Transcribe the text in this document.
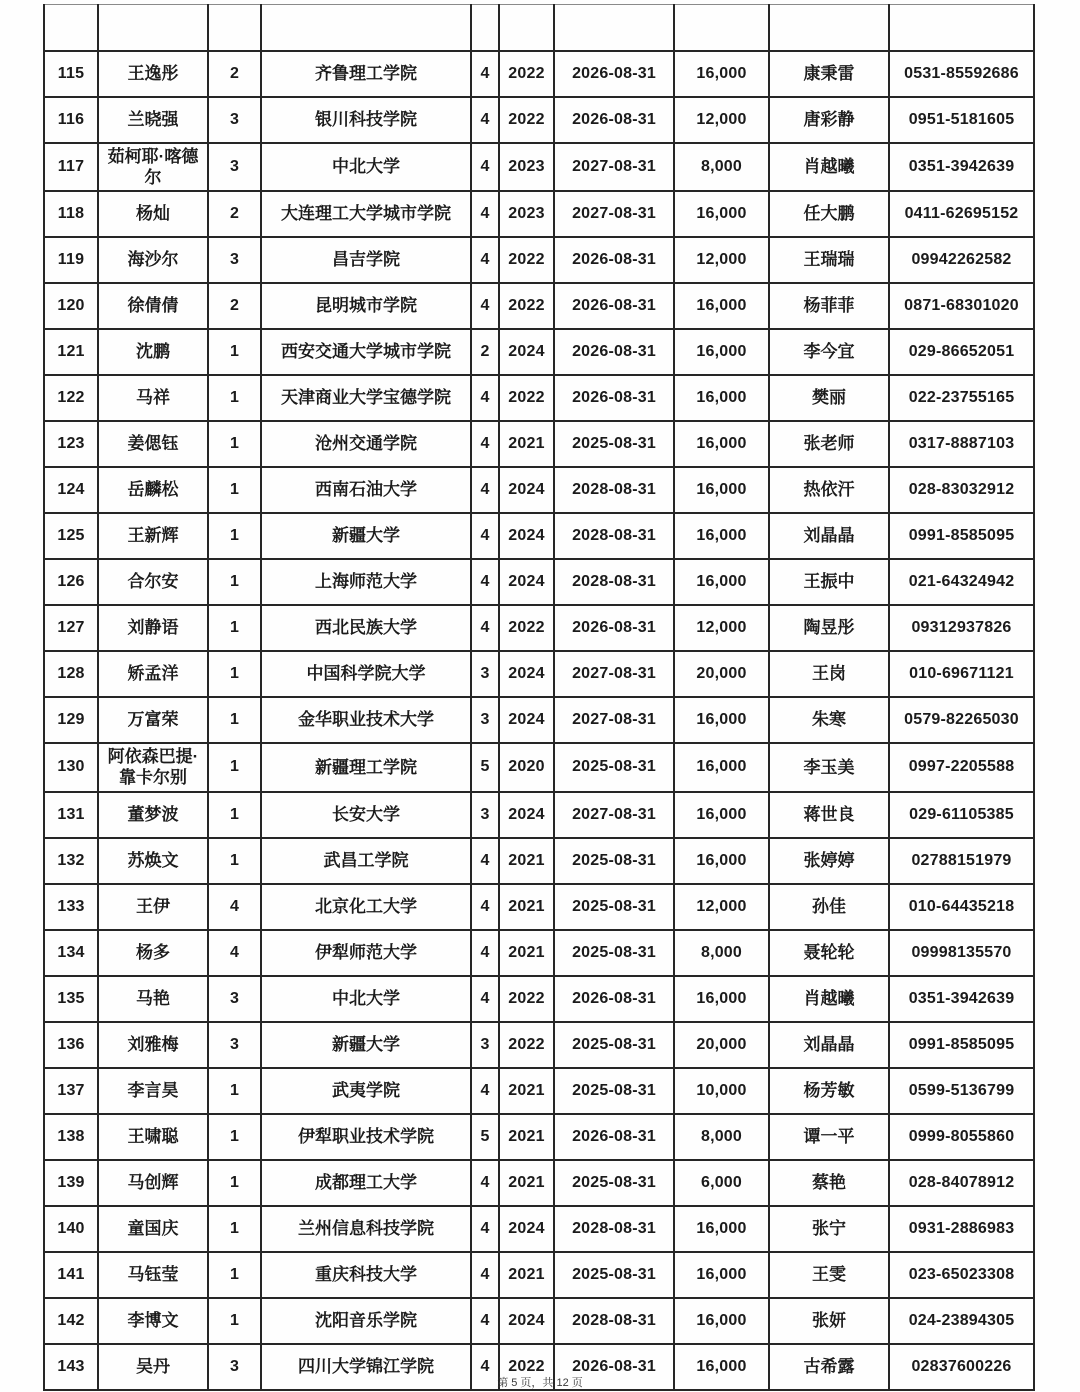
115	王逸彤	2	齐鲁理工学院	4	2022	2026-08-31	16,000	康秉雷	0531-85592686
116	兰晓强	3	银川科技学院	4	2022	2026-08-31	12,000	唐彩静	0951-5181605
117	茹柯耶·喀德尔	3	中北大学	4	2023	2027-08-31	8,000	肖越曦	0351-3942639
118	杨灿	2	大连理工大学城市学院	4	2023	2027-08-31	16,000	任大鹏	0411-62695152
119	海沙尔	3	昌吉学院	4	2022	2026-08-31	12,000	王瑞瑞	09942262582
120	徐倩倩	2	昆明城市学院	4	2022	2026-08-31	16,000	杨菲菲	0871-68301020
121	沈鹏	1	西安交通大学城市学院	2	2024	2026-08-31	16,000	李今宜	029-86652051
122	马祥	1	天津商业大学宝德学院	4	2022	2026-08-31	16,000	樊丽	022-23755165
123	姜偲钰	1	沧州交通学院	4	2021	2025-08-31	16,000	张老师	0317-8887103
124	岳麟松	1	西南石油大学	4	2024	2028-08-31	16,000	热依汗	028-83032912
125	王新辉	1	新疆大学	4	2024	2028-08-31	16,000	刘晶晶	0991-8585095
126	合尔安	1	上海师范大学	4	2024	2028-08-31	16,000	王振中	021-64324942
127	刘静语	1	西北民族大学	4	2022	2026-08-31	12,000	陶昱彤	09312937826
128	矫孟洋	1	中国科学院大学	3	2024	2027-08-31	20,000	王岗	010-69671121
129	万富荣	1	金华职业技术大学	3	2024	2027-08-31	16,000	朱寒	0579-82265030
130	阿依森巴提·靠卡尔别	1	新疆理工学院	5	2020	2025-08-31	16,000	李玉美	0997-2205588
131	董梦波	1	长安大学	3	2024	2027-08-31	16,000	蒋世良	029-61105385
132	苏焕文	1	武昌工学院	4	2021	2025-08-31	16,000	张婷婷	02788151979
133	王伊	4	北京化工大学	4	2021	2025-08-31	12,000	孙佳	010-64435218
134	杨多	4	伊犁师范大学	4	2021	2025-08-31	8,000	聂轮轮	09998135570
135	马艳	3	中北大学	4	2022	2026-08-31	16,000	肖越曦	0351-3942639
136	刘雅梅	3	新疆大学	3	2022	2025-08-31	20,000	刘晶晶	0991-8585095
137	李言昊	1	武夷学院	4	2021	2025-08-31	10,000	杨芳敏	0599-5136799
138	王啸聪	1	伊犁职业技术学院	5	2021	2026-08-31	8,000	谭一平	0999-8055860
139	马创辉	1	成都理工大学	4	2021	2025-08-31	6,000	蔡艳	028-84078912
140	童国庆	1	兰州信息科技学院	4	2024	2028-08-31	16,000	张宁	0931-2886983
141	马钰莹	1	重庆科技大学	4	2021	2025-08-31	16,000	王雯	023-65023308
142	李博文	1	沈阳音乐学院	4	2024	2028-08-31	16,000	张妍	024-23894305
143	吴丹	3	四川大学锦江学院	4	2022	2026-08-31	16,000	古希露	02837600226
第 5 页，共 12 页
